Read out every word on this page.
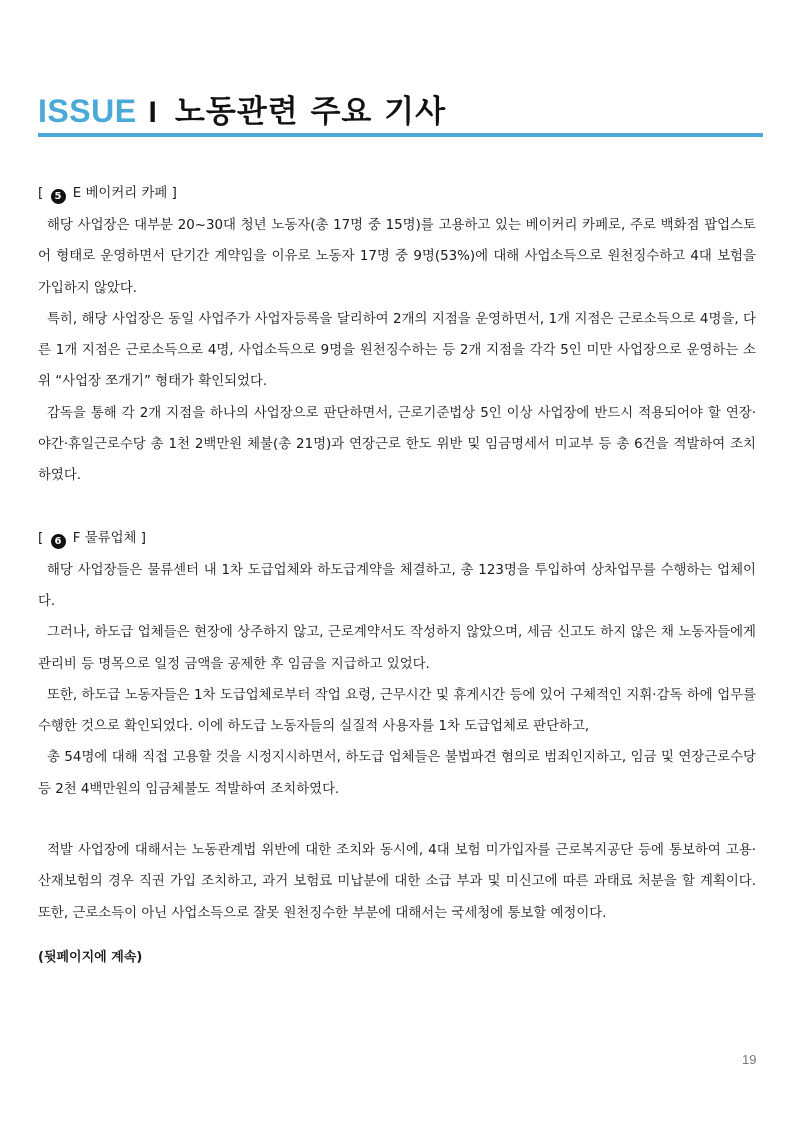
ISSUE I 노동관련 주요 기사
[ 5 E 베이커리 카페 ]

해당 사업장은 대부분 20~30대 청년 노동자(총 17명 중 15명)를 고용하고 있는 베이커리 카페로, 주로 백화점 팝업스토어 형태로 운영하면서 단기간 계약임을 이유로 노동자 17명 중 9명(53%)에 대해 사업소득으로 원천징수하고 4대 보험을 가입하지 않았다.

특히, 해당 사업장은 동일 사업주가 사업자등록을 달리하여 2개의 지점을 운영하면서, 1개 지점은 근로소득으로 4명을, 다른 1개 지점은 근로소득으로 4명, 사업소득으로 9명을 원천징수하는 등 2개 지점을 각각 5인 미만 사업장으로 운영하는 소위 “사업장 쪼개기” 형태가 확인되었다.

감독을 통해 각 2개 지점을 하나의 사업장으로 판단하면서, 근로기준법상 5인 이상 사업장에 반드시 적용되어야 할 연장·야간·휴일근로수당 총 1천 2백만원 체불(총 21명)과 연장근로 한도 위반 및 임금명세서 미교부 등 총 6건을 적발하여 조치하였다.

[ 6 F 물류업체 ]

해당 사업장들은 물류센터 내 1차 도급업체와 하도급계약을 체결하고, 총 123명을 투입하여 상차업무를 수행하는 업체이다.

그러나, 하도급 업체들은 현장에 상주하지 않고, 근로계약서도 작성하지 않았으며, 세금 신고도 하지 않은 채 노동자들에게 관리비 등 명목으로 일정 금액을 공제한 후 임금을 지급하고 있었다.

또한, 하도급 노동자들은 1차 도급업체로부터 작업 요령, 근무시간 및 휴게시간 등에 있어 구체적인 지휘·감독 하에 업무를 수행한 것으로 확인되었다. 이에 하도급 노동자들의 실질적 사용자를 1차 도급업체로 판단하고,

총 54명에 대해 직접 고용할 것을 시정지시하면서, 하도급 업체들은 불법파견 혐의로 범죄인지하고, 임금 및 연장근로수당 등 2천 4백만원의 임금체불도 적발하여 조치하였다.

적발 사업장에 대해서는 노동관계법 위반에 대한 조치와 동시에, 4대 보험 미가입자를 근로복지공단 등에 통보하여 고용·산재보험의 경우 직권 가입 조치하고, 과거 보험료 미납분에 대한 소급 부과 및 미신고에 따른 과태료 처분을 할 계획이다. 또한, 근로소득이 아닌 사업소득으로 잘못 원천징수한 부분에 대해서는 국세청에 통보할 예정이다.

(뒷페이지에 계속)
19
